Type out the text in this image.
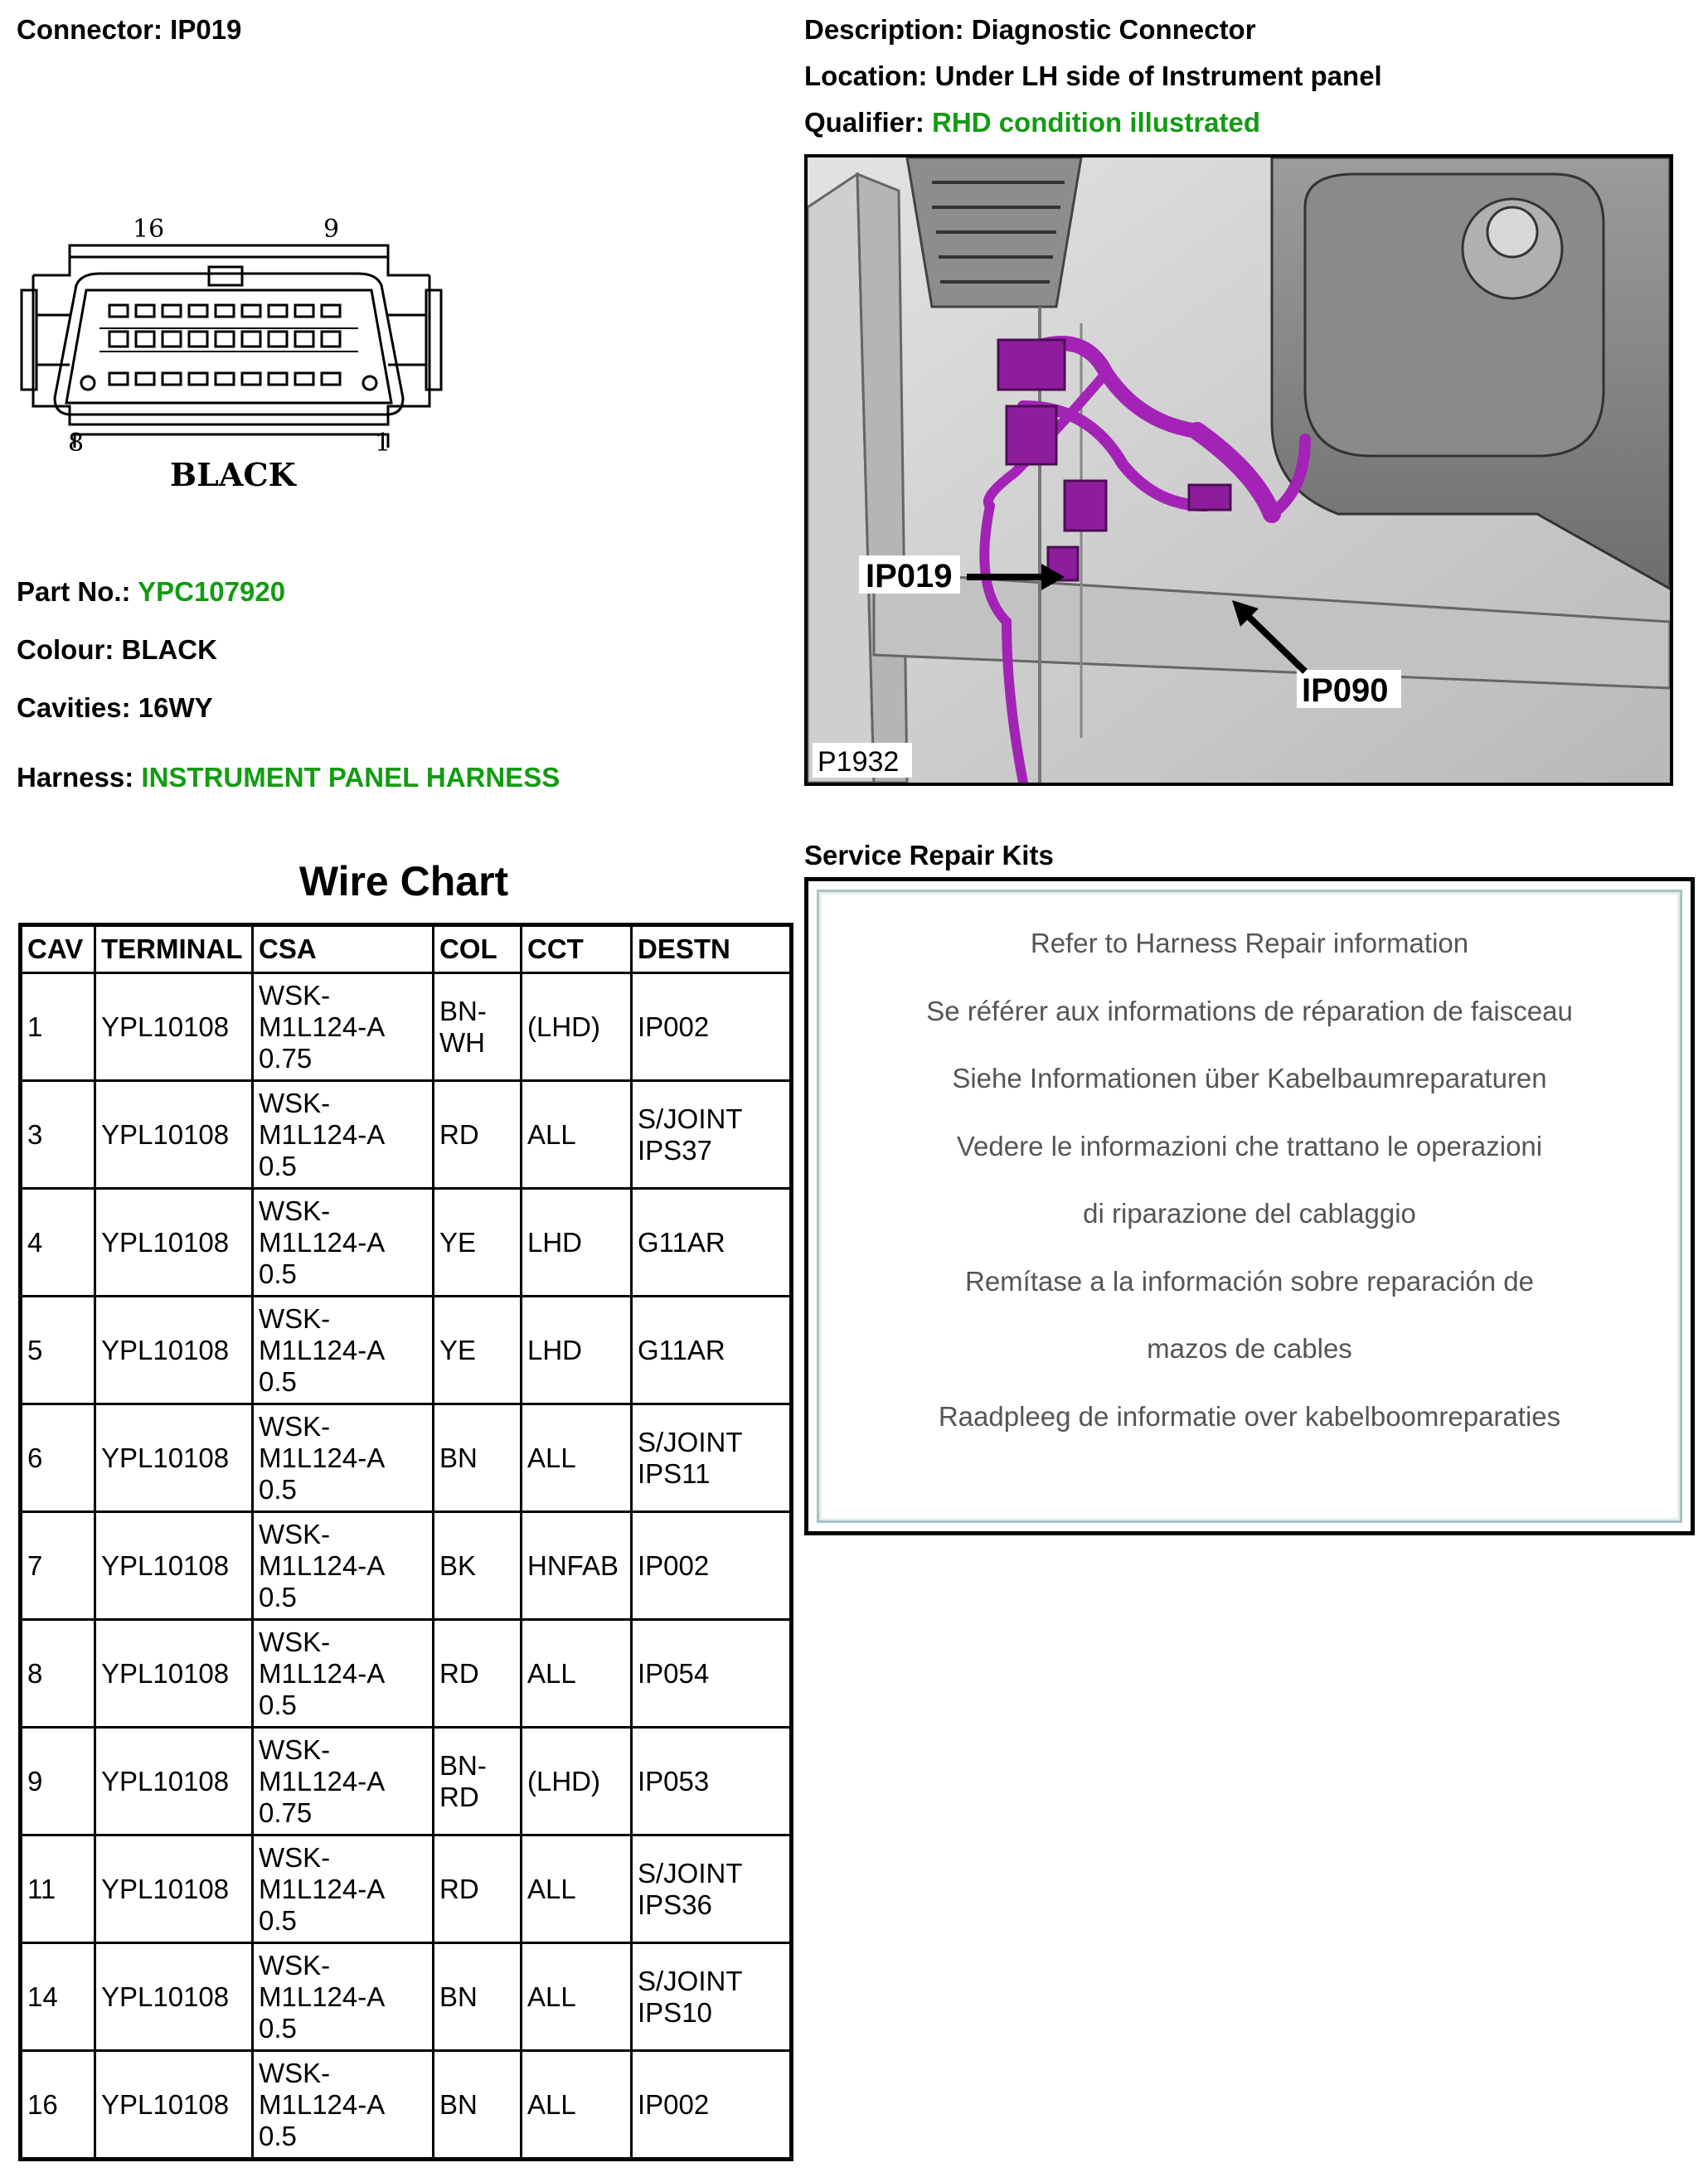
Connector: IP019	Description: Diagnostic Connector
Location: Under LH side of Instrument panel
Qualifier: RHD condition illustrated
16	9
8	1
BLACK
Part No.: YPC107920
Colour: BLACK
Cavities: 16WY
Harness: INSTRUMENT PANEL HARNESS
IP019
IP090
P1932
Wire Chart
CAV	TERMINAL	CSA	COL	CCT	DESTN
1	YPL10108	WSK-
M1L124-A
0.75	BN-
WH	(LHD)	IP002
3	YPL10108	WSK-
M1L124-A
0.5	RD	ALL	S/JOINT
IPS37
4	YPL10108	WSK-
M1L124-A
0.5	YE	LHD	G11AR
5	YPL10108	WSK-
M1L124-A
0.5	YE	LHD	G11AR
6	YPL10108	WSK-
M1L124-A
0.5	BN	ALL	S/JOINT
IPS11
7	YPL10108	WSK-
M1L124-A
0.5	BK	HNFAB	IP002
8	YPL10108	WSK-
M1L124-A
0.5	RD	ALL	IP054
9	YPL10108	WSK-
M1L124-A
0.75	BN-
RD	(LHD)	IP053
11	YPL10108	WSK-
M1L124-A
0.5	RD	ALL	S/JOINT
IPS36
14	YPL10108	WSK-
M1L124-A
0.5	BN	ALL	S/JOINT
IPS10
16	YPL10108	WSK-
M1L124-A
0.5	BN	ALL	IP002
Service Repair Kits
Refer to Harness Repair information
Se référer aux informations de réparation de faisceau
Siehe Informationen über Kabelbaumreparaturen
Vedere le informazioni che trattano le operazioni
di riparazione del cablaggio
Remítase a la información sobre reparación de
mazos de cables
Raadpleeg de informatie over kabelboomreparaties
